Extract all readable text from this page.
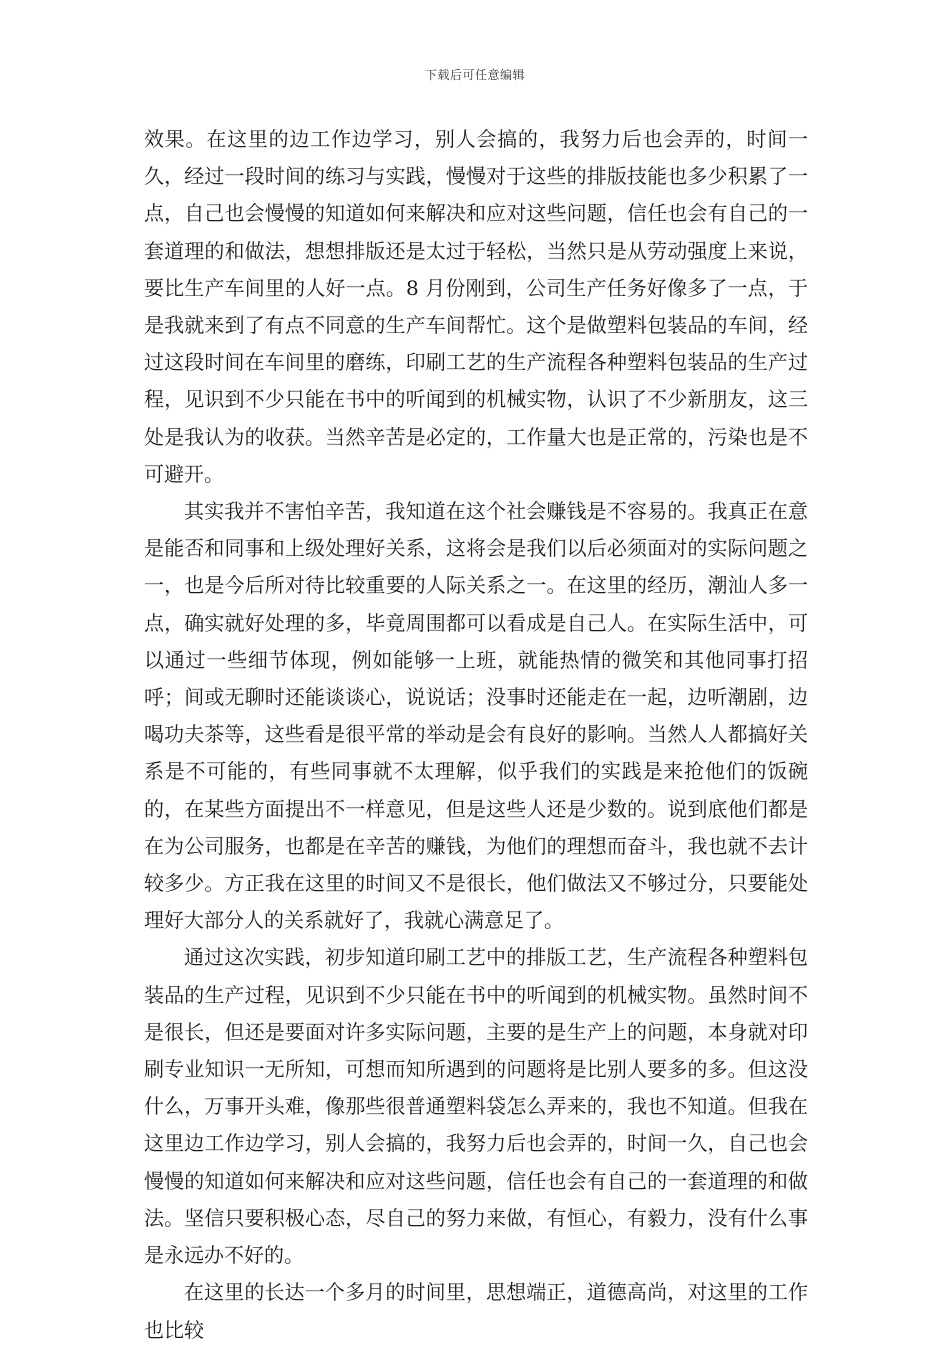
下载后可任意编辑

效果。在这里的边工作边学习，别人会搞的，我努力后也会弄的，时间一久，经过一段时间的练习与实践，慢慢对于这些的排版技能也多少积累了一点，自己也会慢慢的知道如何来解决和应对这些问题，信任也会有自己的一套道理的和做法，想想排版还是太过于轻松，当然只是从劳动强度上来说，要比生产车间里的人好一点。8 月份刚到，公司生产任务好像多了一点，于是我就来到了有点不同意的生产车间帮忙。这个是做塑料包装品的车间，经过这段时间在车间里的磨练，印刷工艺的生产流程各种塑料包装品的生产过程，见识到不少只能在书中的听闻到的机械实物，认识了不少新朋友，这三处是我认为的收获。当然辛苦是必定的，工作量大也是正常的，污染也是不可避开。

其实我并不害怕辛苦，我知道在这个社会赚钱是不容易的。我真正在意是能否和同事和上级处理好关系，这将会是我们以后必须面对的实际问题之一，也是今后所对待比较重要的人际关系之一。在这里的经历，潮汕人多一点，确实就好处理的多，毕竟周围都可以看成是自己人。在实际生活中，可以通过一些细节体现，例如能够一上班，就能热情的微笑和其他同事打招呼；间或无聊时还能谈谈心，说说话；没事时还能走在一起，边听潮剧，边喝功夫茶等，这些看是很平常的举动是会有良好的影响。当然人人都搞好关系是不可能的，有些同事就不太理解，似乎我们的实践是来抢他们的饭碗的，在某些方面提出不一样意见，但是这些人还是少数的。说到底他们都是在为公司服务，也都是在辛苦的赚钱，为他们的理想而奋斗，我也就不去计较多少。方正我在这里的时间又不是很长，他们做法又不够过分，只要能处理好大部分人的关系就好了，我就心满意足了。

通过这次实践，初步知道印刷工艺中的排版工艺，生产流程各种塑料包装品的生产过程，见识到不少只能在书中的听闻到的机械实物。虽然时间不是很长，但还是要面对许多实际问题，主要的是生产上的问题，本身就对印刷专业知识一无所知，可想而知所遇到的问题将是比别人要多的多。但这没什么，万事开头难，像那些很普通塑料袋怎么弄来的，我也不知道。但我在这里边工作边学习，别人会搞的，我努力后也会弄的，时间一久，自己也会慢慢的知道如何来解决和应对这些问题，信任也会有自己的一套道理的和做法。坚信只要积极心态，尽自己的努力来做，有恒心，有毅力，没有什么事是永远办不好的。

在这里的长达一个多月的时间里，思想端正，道德高尚，对这里的工作也比较
